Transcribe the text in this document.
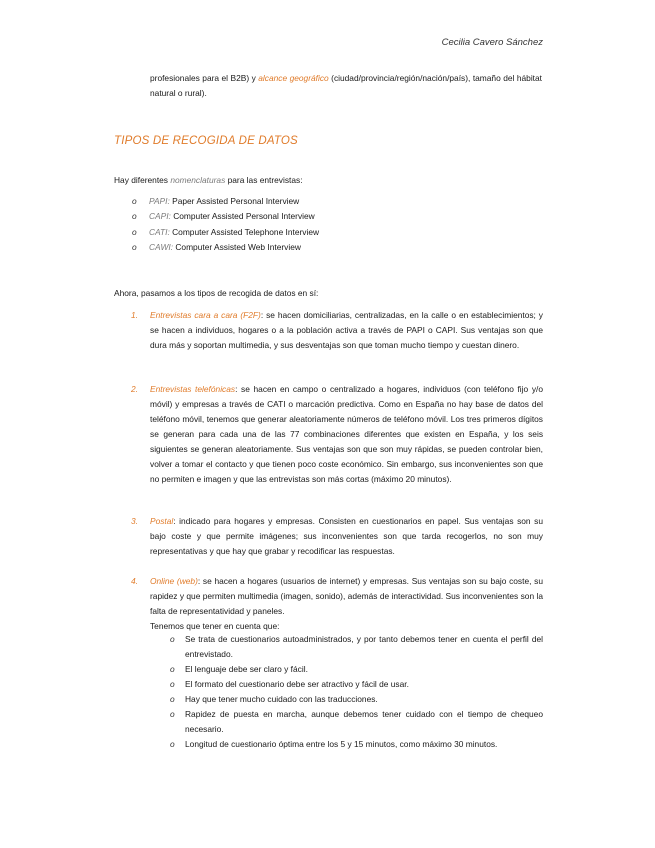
Cecilia Cavero Sánchez
profesionales para el B2B) y alcance geográfico (ciudad/provincia/región/nación/país), tamaño del hábitat natural o rural).
TIPOS DE RECOGIDA DE DATOS
Hay diferentes nomenclaturas para las entrevistas:
o	PAPI: Paper Assisted Personal Interview
o	CAPI: Computer Assisted Personal Interview
o	CATI: Computer Assisted Telephone Interview
o	CAWI: Computer Assisted Web Interview
Ahora, pasamos a los tipos de recogida de datos en sí:
1.	Entrevistas cara a cara (F2F): se hacen domiciliarias, centralizadas, en la calle o en establecimientos; y se hacen a individuos, hogares o a la población activa a través de PAPI o CAPI. Sus ventajas son que dura más y soportan multimedia, y sus desventajas son que toman mucho tiempo y cuestan dinero.
2.	Entrevistas telefónicas: se hacen en campo o centralizado a hogares, individuos (con teléfono fijo y/o móvil) y empresas a través de CATI o marcación predictiva. Como en España no hay base de datos del teléfono móvil, tenemos que generar aleatoriamente números de teléfono móvil. Los tres primeros dígitos se generan para cada una de las 77 combinaciones diferentes que existen en España, y los seis siguientes se generan aleatoriamente. Sus ventajas son que son muy rápidas, se pueden controlar bien, volver a tomar el contacto y que tienen poco coste económico. Sin embargo, sus inconvenientes son que no permiten e imagen y que las entrevistas son más cortas (máximo 20 minutos).
3.	Postal: indicado para hogares y empresas. Consisten en cuestionarios en papel. Sus ventajas son su bajo coste y que permite imágenes; sus inconvenientes son que tarda recogerlos, no son muy representativas y que hay que grabar y recodificar las respuestas.
4.	Online (web): se hacen a hogares (usuarios de internet) y empresas. Sus ventajas son su bajo coste, su rapidez y que permiten multimedia (imagen, sonido), además de interactividad. Sus inconvenientes son la falta de representatividad y paneles.
Tenemos que tener en cuenta que:
o	Se trata de cuestionarios autoadministrados, y por tanto debemos tener en cuenta el perfil del entrevistado.
o	El lenguaje debe ser claro y fácil.
o	El formato del cuestionario debe ser atractivo y fácil de usar.
o	Hay que tener mucho cuidado con las traducciones.
o	Rapidez de puesta en marcha, aunque debemos tener cuidado con el tiempo de chequeo necesario.
o	Longitud de cuestionario óptima entre los 5 y 15 minutos, como máximo 30 minutos.
